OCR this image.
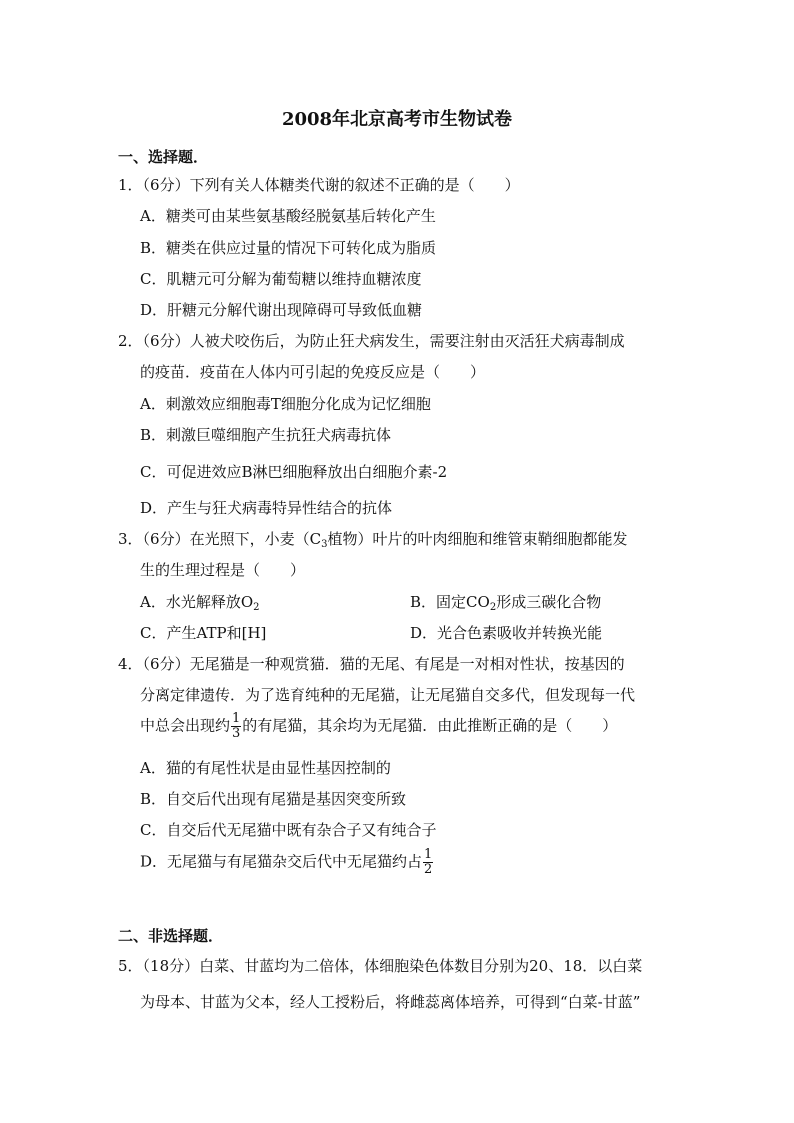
2008年北京高考市生物试卷
一、选择题．
1．（6分）下列有关人体糖类代谢的叙述不正确的是（　　）
A．糖类可由某些氨基酸经脱氨基后转化产生
B．糖类在供应过量的情况下可转化成为脂质
C．肌糖元可分解为葡萄糖以维持血糖浓度
D．肝糖元分解代谢出现障碍可导致低血糖
2．（6分）人被犬咬伤后，为防止狂犬病发生，需要注射由灭活狂犬病毒制成
的疫苗．疫苗在人体内可引起的免疫反应是（　　）
A．刺激效应细胞毒T细胞分化成为记忆细胞
B．刺激巨噬细胞产生抗狂犬病毒抗体
C．可促进效应B淋巴细胞释放出白细胞介素-2
D．产生与狂犬病毒特异性结合的抗体
3．（6分）在光照下，小麦（$C_3$植物）叶片的叶肉细胞和维管束鞘细胞都能发
生的生理过程是（　　）
A．水光解释放$O_2$	B．固定$CO_2$形成三碳化合物
C．产生ATP和[H]	D．光合色素吸收并转换光能
4．（6分）无尾猫是一种观赏猫．猫的无尾、有尾是一对相对性状，按基因的
分离定律遗传．为了选育纯种的无尾猫，让无尾猫自交多代，但发现每一代
中总会出现约 $\frac{1}{3}$ 的有尾猫，其余均为无尾猫．由此推断正确的是（　　）
A．猫的有尾性状是由显性基因控制的
B．自交后代出现有尾猫是基因突变所致
C．自交后代无尾猫中既有杂合子又有纯合子
D．无尾猫与有尾猫杂交后代中无尾猫约占 $\frac{1}{2}$
二、非选择题．
5．（18分）白菜、甘蓝均为二倍体，体细胞染色体数目分别为20、18．以白菜
为母本、甘蓝为父本，经人工授粉后，将雌蕊离体培养，可得到“白菜-甘蓝”
